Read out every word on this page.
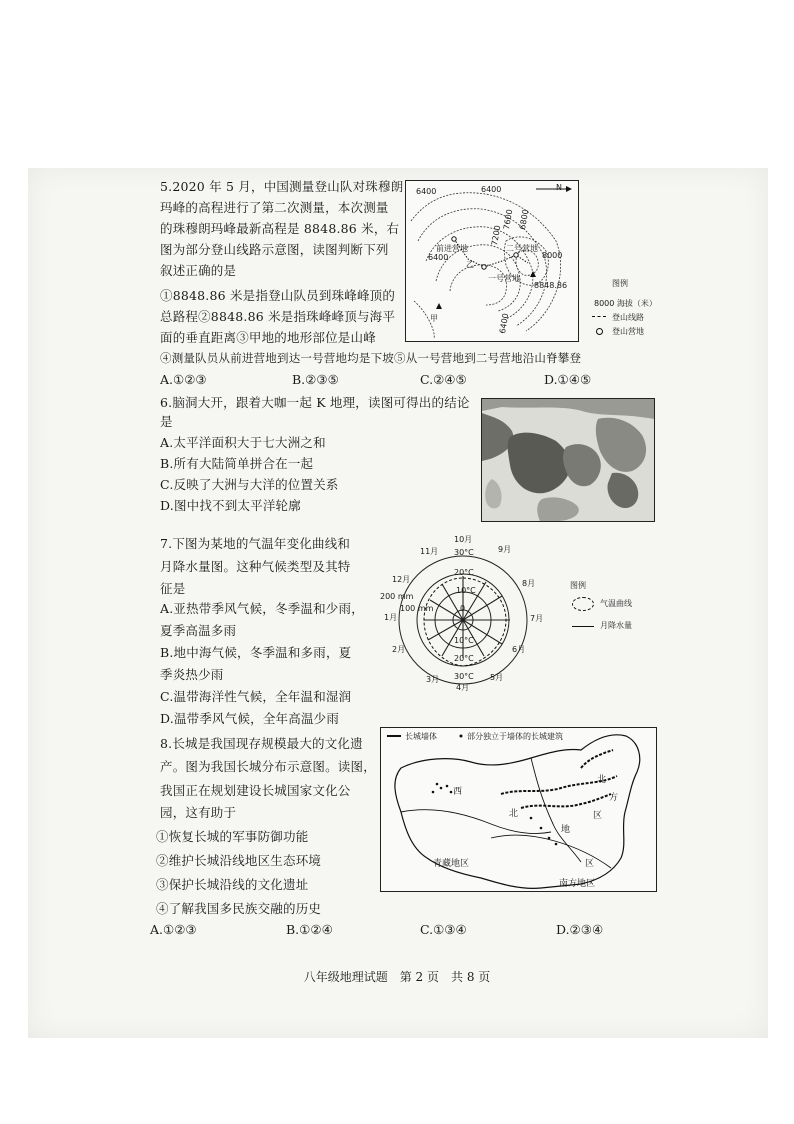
5.2020 年 5 月，中国测量登山队对珠穆朗
玛峰的高程进行了第二次测量，本次测量
的珠穆朗玛峰最新高程是 8848.86 米，右
图为部分登山线路示意图，读图判断下列
叙述正确的是
①8848.86 米是指登山队员到珠峰峰顶的
总路程②8848.86 米是指珠峰峰顶与海平
面的垂直距离③甲地的地形部位是山峰
④测量队员从前进营地到达一号营地均是下坡⑤从一号营地到二号营地沿山脊攀登
A.①②③	B.②③⑤	C.②④⑤	D.①④⑤
6400	6400
6400
7600
7200
6800
8000
6400
前进营地
一号营地
二号营地
甲
乙
8848.86
N
图例
8000 海拔（米）
登山线路
登山营地
6.脑洞大开，跟着大咖一起 K 地理，读图可得出的结论
是
A.太平洋面积大于七大洲之和
B.所有大陆简单拼合在一起
C.反映了大洲与大洋的位置关系
D.图中找不到太平洋轮廓
7.下图为某地的气温年变化曲线和
月降水量图。这种气候类型及其特
征是
A.亚热带季风气候，冬季温和少雨，
夏季高温多雨
B.地中海气候，冬季温和多雨，夏
季炎热少雨
C.温带海洋性气候，全年温和湿润
D.温带季风气候，全年高温少雨
10月
9月
7月
6月
5月
4月
3月
2月
1月
12月
11月
8月
30°C
20°C
10°C
0
10°C
20°C
30°C
200 mm
100 mm
图例
气温曲线
月降水量
8.长城是我国现存规模最大的文化遗
产。图为我国长城分布示意图。读图，
我国正在规划建设长城国家文化公
园，这有助于
①恢复长城的军事防御功能
②维护长城沿线地区生态环境
③保护长城沿线的文化遗址
④了解我国多民族交融的历史
A.①②③	B.①②④	C.①③④	D.②③④
长城墙体	部分独立于墙体的长城建筑
西
北
方
区
北
地
区
青藏地区
南方地区
八年级地理试题　第 2 页　共 8 页
